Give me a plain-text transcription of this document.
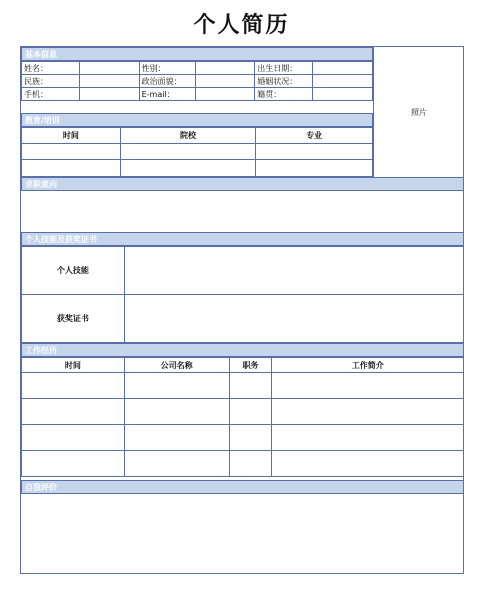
个人简历
基本信息
姓名：		性别：		出生日期：	
民族：		政治面貌：		婚姻状况：	
手机：		E-mail：		籍贯：	
照片
教育/培训
时间	院校	专业

求职意向
个人技能及获奖证书
个人技能	
获奖证书	
工作经历
时间	公司名称	职务	工作简介

自我评价
